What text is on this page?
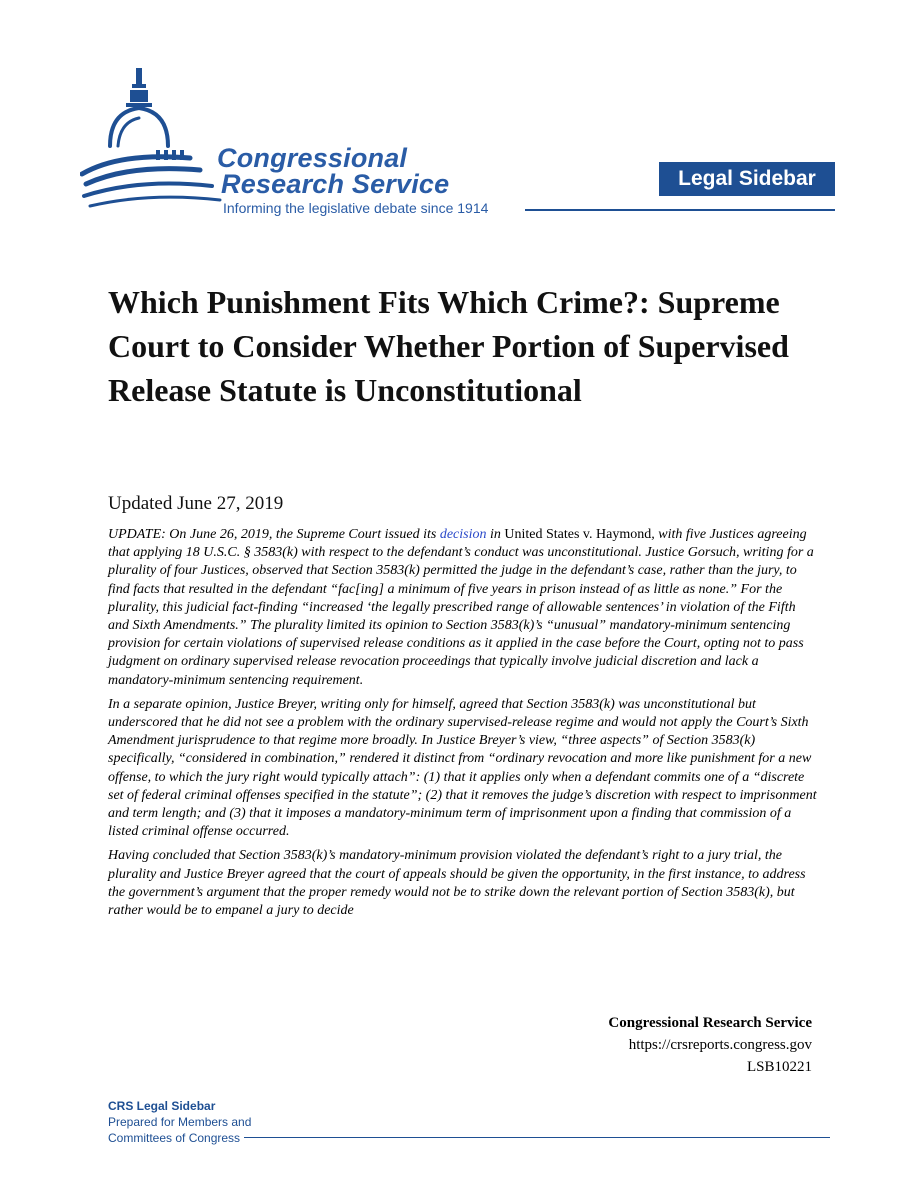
Congressional

Research Service

Informing the legislative debate since 1914

Legal Sidebar
Which Punishment Fits Which Crime?: Supreme Court to Consider Whether Portion of Supervised Release Statute is Unconstitutional

Updated June 27, 2019

UPDATE: On June 26, 2019, the Supreme Court issued its decision in United States v. Haymond, with five Justices agreeing that applying 18 U.S.C. § 3583(k) with respect to the defendant’s conduct was unconstitutional. Justice Gorsuch, writing for a plurality of four Justices, observed that Section 3583(k) permitted the judge in the defendant’s case, rather than the jury, to find facts that resulted in the defendant “fac[ing] a minimum of five years in prison instead of as little as none.” For the plurality, this judicial fact-finding “increased ‘the legally prescribed range of allowable sentences’ in violation of the Fifth and Sixth Amendments.” The plurality limited its opinion to Section 3583(k)’s “unusual” mandatory-minimum sentencing provision for certain violations of supervised release conditions as it applied in the case before the Court, opting not to pass judgment on ordinary supervised release revocation proceedings that typically involve judicial discretion and lack a mandatory-minimum sentencing requirement.

In a separate opinion, Justice Breyer, writing only for himself, agreed that Section 3583(k) was unconstitutional but underscored that he did not see a problem with the ordinary supervised-release regime and would not apply the Court’s Sixth Amendment jurisprudence to that regime more broadly. In Justice Breyer’s view, “three aspects” of Section 3583(k) specifically, “considered in combination,” rendered it distinct from “ordinary revocation and more like punishment for a new offense, to which the jury right would typically attach”: (1) that it applies only when a defendant commits one of a “discrete set of federal criminal offenses specified in the statute”; (2) that it removes the judge’s discretion with respect to imprisonment and term length; and (3) that it imposes a mandatory-minimum term of imprisonment upon a finding that commission of a listed criminal offense occurred.

Having concluded that Section 3583(k)’s mandatory-minimum provision violated the defendant’s right to a jury trial, the plurality and Justice Breyer agreed that the court of appeals should be given the opportunity, in the first instance, to address the government’s argument that the proper remedy would not be to strike down the relevant portion of Section 3583(k), but rather would be to empanel a jury to decide

Congressional Research Service
https://crsreports.congress.gov
LSB10221
CRS Legal Sidebar
Prepared for Members and
Committees of Congress
